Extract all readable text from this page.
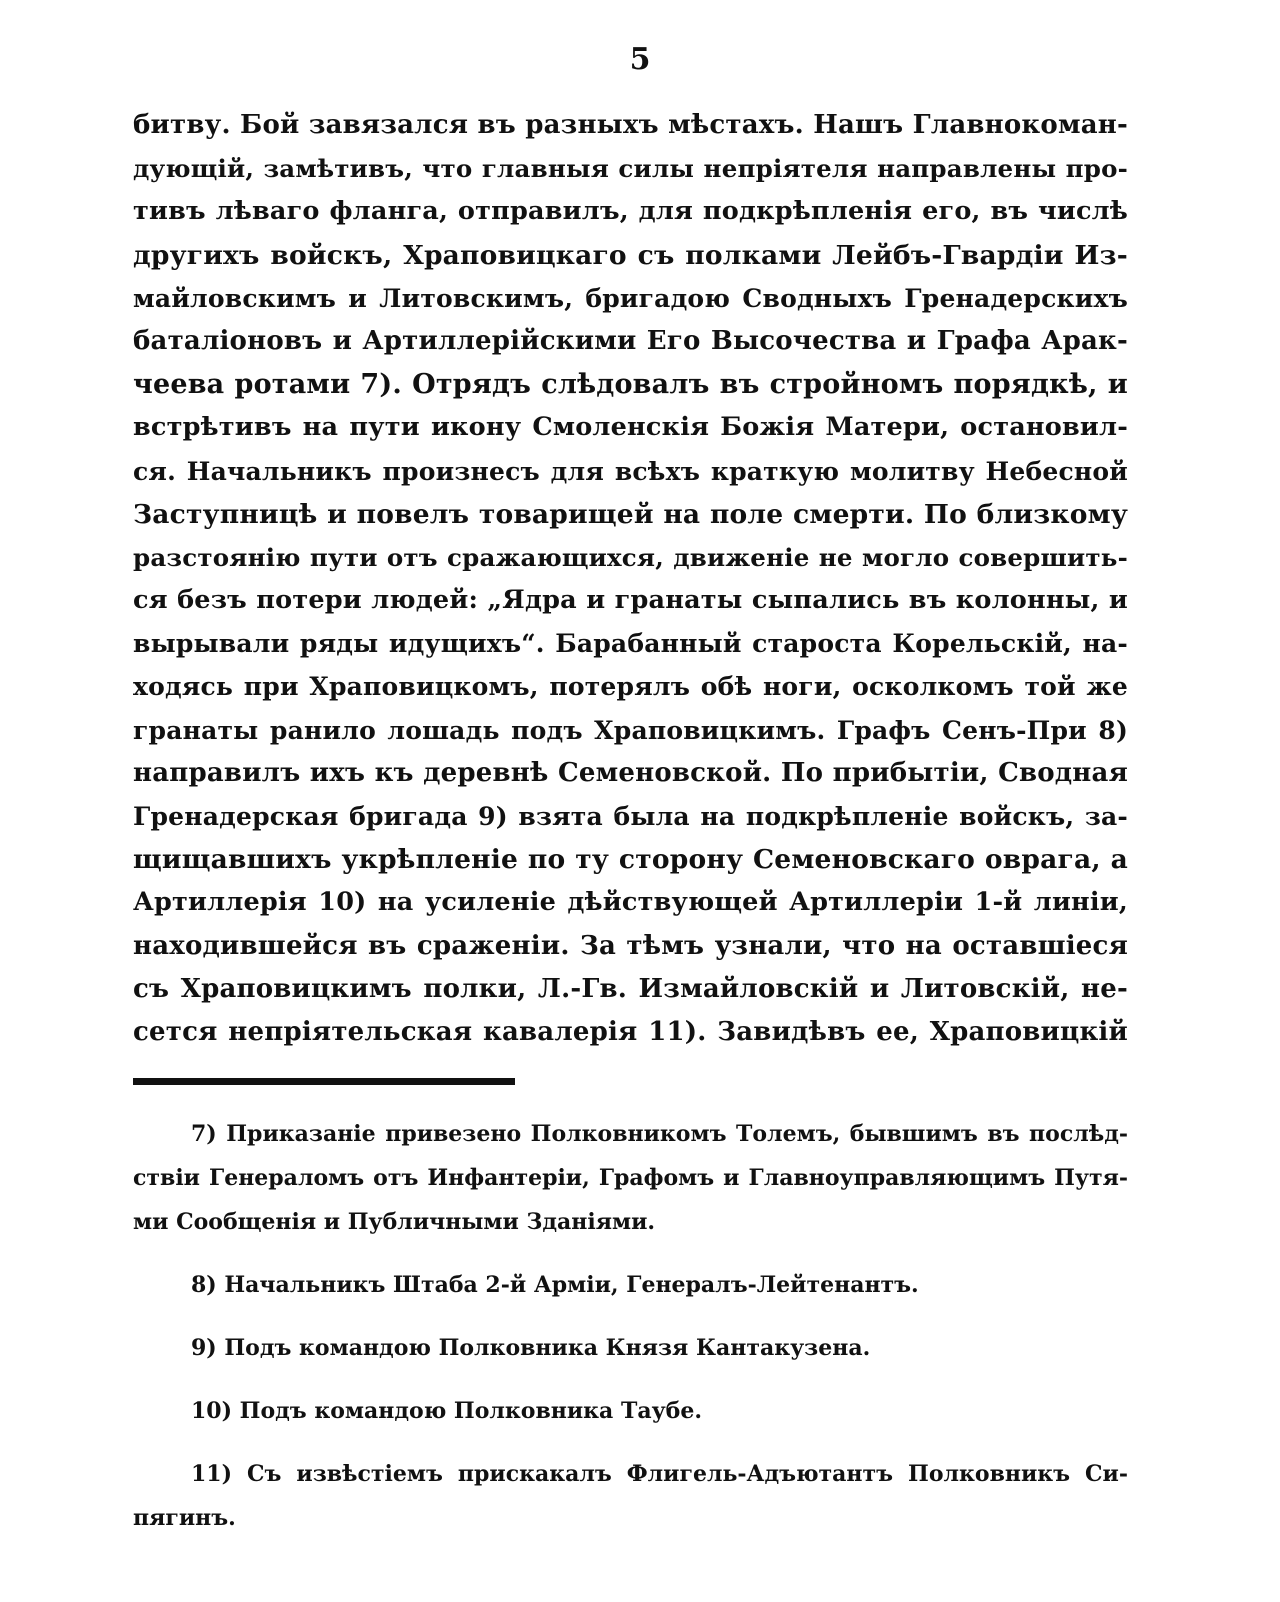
5
битву. Бой завязался въ разныхъ мѣстахъ. Нашъ Главнокоман-
дующій, замѣтивъ, что главныя силы непріятеля направлены про-
тивъ лѣваго фланга, отправилъ, для подкрѣпленія его, въ числѣ
другихъ войскъ, Храповицкаго съ полками Лейбъ-Гвардіи Из-
майловскимъ и Литовскимъ, бригадою Сводныхъ Гренадерскихъ
баталіоновъ и Артиллерійскими Его Высочества и Графа Арак-
чеева ротами 7). Отрядъ слѣдовалъ въ стройномъ порядкѣ, и
встрѣтивъ на пути икону Смоленскія Божія Матери, остановил-
ся. Начальникъ произнесъ для всѣхъ краткую молитву Небесной
Заступницѣ и повелъ товарищей на поле смерти. По близкому
разстоянію пути отъ сражающихся, движеніе не могло совершить-
ся безъ потери людей: „Ядра и гранаты сыпались въ колонны, и
вырывали ряды идущихъ“. Барабанный староста Корельскій, на-
ходясь при Храповицкомъ, потерялъ обѣ ноги, осколкомъ той же
гранаты ранило лошадь подъ Храповицкимъ. Графъ Сенъ-При 8)
направилъ ихъ къ деревнѣ Семеновской. По прибытіи, Сводная
Гренадерская бригада 9) взята была на подкрѣпленіе войскъ, за-
щищавшихъ укрѣпленіе по ту сторону Семеновскаго оврага, а
Артиллерія 10) на усиленіе дѣйствующей Артиллеріи 1-й линіи,
находившейся въ сраженіи. За тѣмъ узнали, что на оставшіеся
съ Храповицкимъ полки, Л.-Гв. Измайловскій и Литовскій, не-
сется непріятельская кавалерія 11). Завидѣвъ ее, Храповицкій
7) Приказаніе привезено Полковникомъ Толемъ, бывшимъ въ послѣд-
ствіи Генераломъ отъ Инфантеріи, Графомъ и Главноуправляющимъ Путя-
ми Сообщенія и Публичными Зданіями.
8) Начальникъ Штаба 2-й Арміи, Генералъ-Лейтенантъ.
9) Подъ командою Полковника Князя Кантакузена.
10) Подъ командою Полковника Таубе.
11) Съ извѣстіемъ прискакалъ Флигель-Адъютантъ Полковникъ Си-
пягинъ.
